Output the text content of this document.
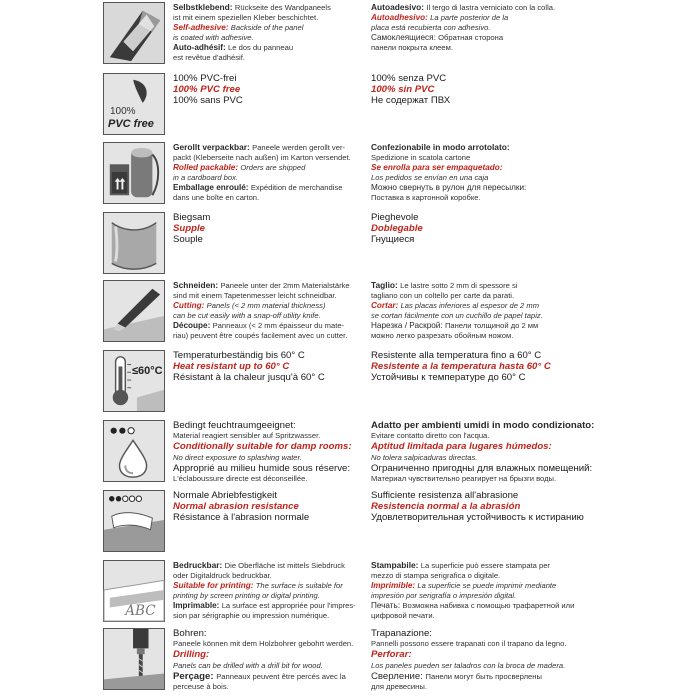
Selbstklebend: Rückseite des Wandpaneels
ist mit einem speziellen Kleber beschichtet.
Self-adhesive: Backside of the panel
is coated with adhesive.
Auto-adhésif: Le dos du panneau
est revêtue d'adhésif.
Autoadesivo: Il tergo di lastra verniciato con la colla.
Autoadhesivo: La parte posterior de la
placa está recubierta con adhesivo.
Самоклеящиеся: Обратная сторона
панели покрыта клеем.
100%
PVC free
100% PVC-frei
100% PVC free
100% sans PVC
100% senza PVC
100% sin PVC
Не содержат ПВХ
Gerollt verpackbar: Paneele werden gerollt ver-
packt (Kleberseite nach außen) im Karton versendet.
Rolled packable: Orders are shipped
in a cardboard box.
Emballage enroulé: Expédition de merchandise
dans une boîte en carton.
Confezionabile in modo arrotolato:
Spedizione in scatola cartone
Se enrolla para ser empaquetado:
Los pedidos se envían en una caja
Можно свернуть в рулон для пересылки:
Поставка в картонной коробке.
Biegsam
Supple
Souple
Pieghevole
Doblegable
Гнущиеся
Schneiden: Paneele unter der 2mm Materialstärke
sind mit einem Tapetenmesser leicht schneidbar.
Cutting: Panels (< 2 mm material thickness)
can be cut easily with a snap-off utility knife.
Découpe: Panneaux (< 2 mm épaisseur du mate-
riau) peuvent être coupés facilement avec un cutter.
Taglio: Le lastre sotto 2 mm di spessore si
tagliano con un coltello per carte da parati.
Cortar: Las placas inferiores al espesor de 2 mm
se cortan fácilmente con un cuchillo de papel tapiz.
Нарезка / Раскрой: Панели толщиной до 2 мм
можно легко разрезать обойным ножом.
≤60°C
Temperaturbeständig bis 60° C
Heat resistant up to 60° C
Résistant à la chaleur jusqu'à 60° C
Resistente alla temperatura fino a 60° C
Resistente a la temperatura hasta 60° C
Устойчивы к температуре до 60° C
Bedingt feuchtraumgeeignet:
Material reagiert sensibler auf Spritzwasser.
Conditionally suitable for damp rooms:
No direct exposure to splashing water.
Approprié au milieu humide sous réserve:
L'éclaboussure directe est déconseillée.
Adatto per ambienti umidi in modo condizionato:
Evitare contatto diretto con l'acqua.
Aptitud limitada para lugares húmedos:
No tolera salpicaduras directas.
Ограниченно пригодны для влажных помещений:
Материал чувствительно реагирует на брызги воды.
Normale Abriebfestigkeit
Normal abrasion resistance
Résistance à l'abrasion normale
Sufficiente resistenza all'abrasione
Resistencia normal a la abrasión
Удовлетворительная устойчивость к истиранию
ABC
Bedruckbar: Die Oberfläche ist mittels Siebdruck
oder Digitaldruck bedruckbar.
Suitable for printing: The surface is suitable for
printing by screen printing or digital printing.
Imprimable: La surface est appropriée pour l'impres-
sion par sérigraphie ou impression numérique.
Stampabile: La superficie può essere stampata per
mezzo di stampa serigrafica o digitale.
Imprimible: La superficie se puede imprimir mediante
impresión por serigrafía o impresión digital.
Печать: Возможна набивка с помощью трафаретной или
цифровой печати.
Bohren:
Paneele können mit dem Holzbohrer gebohrt werden.
Drilling:
Panels can be drilled with a drill bit for wood.
Perçage: Panneaux peuvent être percés avec la
perceuse à bois.
Trapanazione:
Pannelli possono essere trapanati con il trapano da legno.
Perforar:
Los paneles pueden ser taladros con la broca de madera.
Сверление: Панели могут быть просверлены
для древесины.
